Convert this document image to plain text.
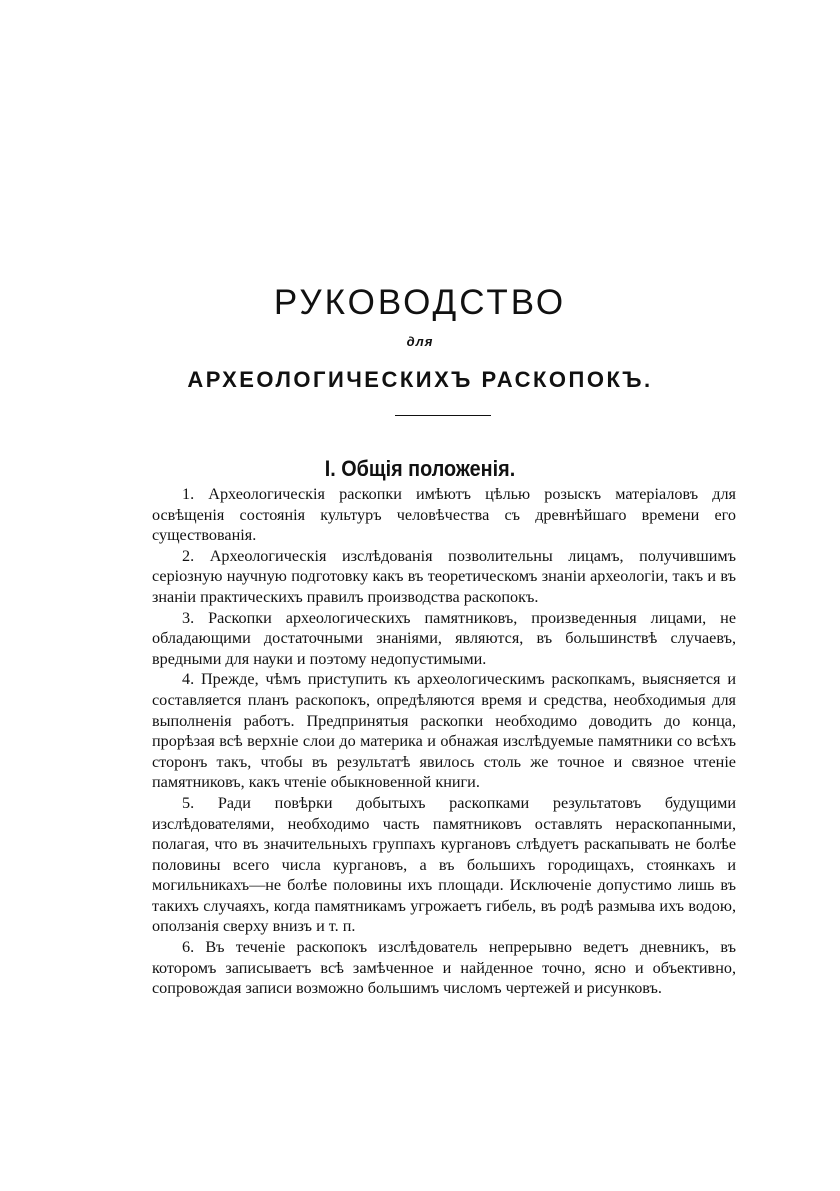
РУКОВОДСТВО
для
АРХЕОЛОГИЧЕСКИХЪ РАСКОПОКЪ.
I. Общiя положенiя.

1. Археологическiя раскопки имѣютъ цѣлью розыскъ матерiаловъ для освѣщенiя состоянiя культуръ человѣчества съ древнѣйшаго времени его существованiя.

2. Археологическiя изслѣдованiя позволительны лицамъ, получившимъ серiозную научную подготовку какъ въ теоретическомъ знанiи археологiи, такъ и въ знанiи практическихъ правилъ производства раскопокъ.

3. Раскопки археологическихъ памятниковъ, произведенныя лицами, не обладающими достаточными знанiями, являются, въ большинствѣ случаевъ, вредными для науки и поэтому недопустимыми.

4. Прежде, чѣмъ приступить къ археологическимъ раскопкамъ, выясняется и составляется планъ раскопокъ, опредѣляются время и средства, необходимыя для выполненiя работъ. Предпринятыя раскопки необходимо доводить до конца, прорѣзая всѣ верхнiе слои до материка и обнажая изслѣдуемые памятники со всѣхъ сторонъ такъ, чтобы въ результатѣ явилось столь же точное и связное чтенiе памятниковъ, какъ чтенiе обыкновенной книги.

5. Ради повѣрки добытыхъ раскопками результатовъ будущими изслѣдователями, необходимо часть памятниковъ оставлять нераскопанными, полагая, что въ значительныхъ группахъ кургановъ слѣдуетъ раскапывать не болѣе половины всего числа кургановъ, а въ большихъ городищахъ, стоянкахъ и могильникахъ—не болѣе половины ихъ площади. Исключенiе допустимо лишь въ такихъ случаяхъ, когда памятникамъ угрожаетъ гибель, въ родѣ размыва ихъ водою, оползанiя сверху внизъ и т. п.

6. Въ теченiе раскопокъ изслѣдователь непрерывно ведетъ дневникъ, въ которомъ записываетъ всѣ замѣченное и найденное точно, ясно и объективно, сопровождая записи возможно большимъ числомъ чертежей и рисунковъ.
